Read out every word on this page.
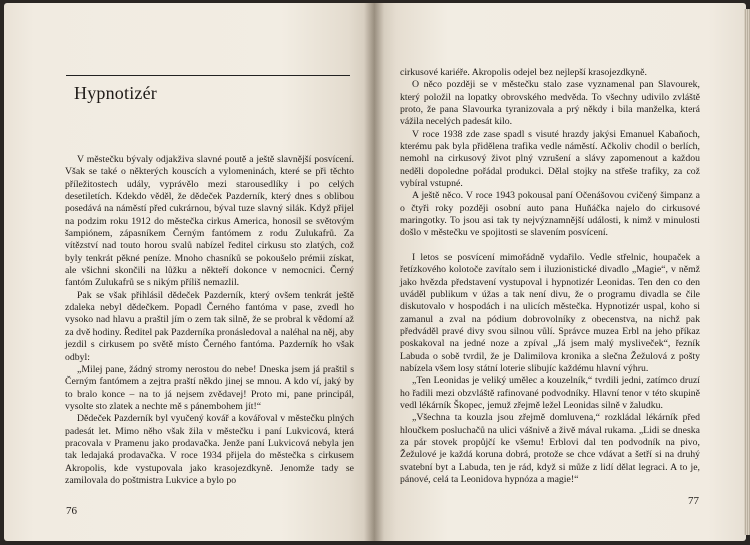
Hypnotizér

V městečku bývaly odjakživa slavné poutě a ještě slavnější posvícení. Však se také o některých kouscích a vylomeninách, které se při těchto příležitostech udály, vyprávělo mezi starousedlíky i po celých desetiletích. Kdekdo věděl, že dědeček Pazderník, který dnes s oblibou posedává na náměstí před cukrárnou, býval tuze slavný silák. Když přijel na podzim roku 1912 do městečka cirkus America, honosil se světovým šampiónem, zápasníkem Černým fantómem z rodu Zulukafrů. Za vítězství nad touto horou svalů nabízel ředitel cirkusu sto zlatých, což byly tenkrát pěkné peníze. Mnoho chasníků se pokoušelo prémii získat, ale všichni skončili na lůžku a někteří dokonce v nemocnici. Černý fantóm Zulukafrů se s nikým příliš nemazlil.

Pak se však přihlásil dědeček Pazderník, který ovšem tenkrát ještě zdaleka nebyl dědečkem. Popadl Černého fantóma v pase, zvedl ho vysoko nad hlavu a praštil jím o zem tak silně, že se probral k vědomí až za dvě hodiny. Ředitel pak Pazderníka pronásledoval a naléhal na něj, aby jezdil s cirkusem po světě místo Černého fantóma. Pazderník ho však odbyl:

„Milej pane, žádný stromy nerostou do nebe! Dneska jsem já praštil s Černým fantómem a zejtra praští někdo jinej se mnou. A kdo ví, jaký by to bralo konce – na to já nejsem zvědavej! Proto mi, pane principál, vysolte sto zlatek a nechte mě s pánembohem jít!“

Dědeček Pazderník byl vyučený kovář a kovářoval v městečku plných padesát let. Mimo něho však žila v městečku i paní Lukvicová, která pracovala v Pramenu jako prodavačka. Jenže paní Lukvicová nebyla jen tak ledajaká prodavačka. V roce 1934 přijela do městečka s cirkusem Akropolis, kde vystupovala jako krasojezdkyně. Jenomže tady se zamilovala do poštmistra Lukvice a bylo po

76

cirkusové kariéře. Akropolis odejel bez nejlepší krasojezdkyně.

O něco později se v městečku stalo zase vyznamenal pan Slavourek, který položil na lopatky obrovského medvěda. To všechny udivilo zvláště proto, že pana Slavourka tyranizovala a prý někdy i bila manželka, která vážila necelých padesát kilo.

V roce 1938 zde zase spadl s visuté hrazdy jakýsi Emanuel Kabaňoch, kterému pak byla přidělena trafika vedle náměstí. Ačkoliv chodil o berlích, nemohl na cirkusový život plný vzrušení a slávy zapomenout a každou neděli dopoledne pořádal produkci. Dělal stojky na střeše trafiky, za což vybíral vstupné.

A ještě něco. V roce 1943 pokousal paní Očenášovou cvičený šimpanz a o čtyři roky později osobní auto pana Huňáčka najelo do cirkusové maringotky. To jsou asi tak ty nejvýznamnější události, k nimž v minulosti došlo v městečku ve spojitosti se slavením posvícení.

I letos se posvícení mimořádně vydařilo. Vedle střelnic, houpaček a řetízkového kolotoče zavítalo sem i iluzionistické divadlo „Magie“, v němž jako hvězda představení vystupoval i hypnotizér Leonidas. Ten den co den uváděl publikum v úžas a tak není divu, že o programu divadla se čile diskutovalo v hospodách i na ulicích městečka. Hypnotizér uspal, koho si zamanul a zval na pódium dobrovolníky z obecenstva, na nichž pak předváděl pravé divy svou silnou vůlí. Správce muzea Erbl na jeho příkaz poskakoval na jedné noze a zpíval „Já jsem malý myslivеček“, řezník Labuda o sobě tvrdil, že je Dalimilova kronika a slečna Žežulová z pošty nabízela všem losy státní loterie slibujíc každému hlavní výhru.

„Ten Leonidas je veliký umělec a kouzelník,“ tvrdili jedni, zatímco druzí ho řadili mezi obzvláště rafinované podvodníky. Hlavní tenor v této skupině vedl lékárník Škopec, jemuž zřejmě ležel Leonidas silně v žaludku.

„Všechna ta kouzla jsou zřejmě domluvena,“ rozkládal lékárník před hloučkem posluchačů na ulici vášnivě a živě mával rukama. „Lidi se dneska za pár stovek propůjčí ke všemu! Erblovi dal ten podvodník na pivo, Žežulové je každá koruna dobrá, protože se chce vdávat a šetří si na druhý svatební byt a Labuda, ten je rád, když si může z lidí dělat legraci. A to je, pánové, celá ta Leonidova hypnóza a magie!“

77
